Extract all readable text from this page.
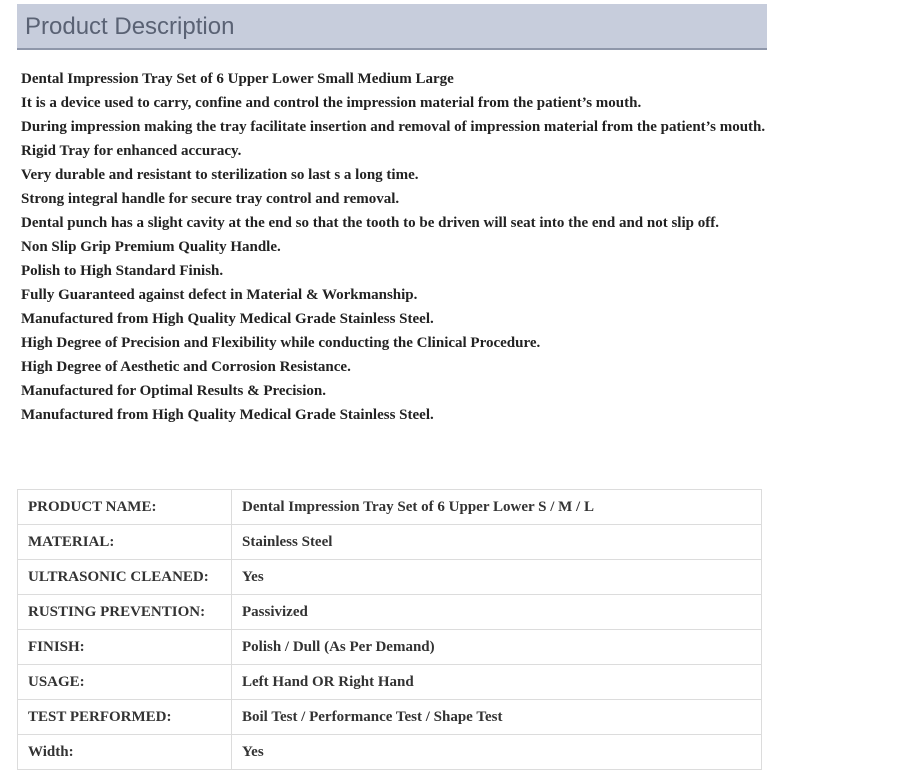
Product Description
Dental Impression Tray Set of 6 Upper Lower Small Medium Large
It is a device used to carry, confine and control the impression material from the patient’s mouth.
During impression making the tray facilitate insertion and removal of impression material from the patient’s mouth.
Rigid Tray for enhanced accuracy.
Very durable and resistant to sterilization so last s a long time.
Strong integral handle for secure tray control and removal.
Dental punch has a slight cavity at the end so that the tooth to be driven will seat into the end and not slip off.
Non Slip Grip Premium Quality Handle.
Polish to High Standard Finish.
Fully Guaranteed against defect in Material & Workmanship.
Manufactured from High Quality Medical Grade Stainless Steel.
High Degree of Precision and Flexibility while conducting the Clinical Procedure.
High Degree of Aesthetic and Corrosion Resistance.
Manufactured for Optimal Results & Precision.
Manufactured from High Quality Medical Grade Stainless Steel.
PRODUCT NAME:	Dental Impression Tray Set of 6 Upper Lower S / M / L
MATERIAL:	Stainless Steel
ULTRASONIC CLEANED:	Yes
RUSTING PREVENTION:	Passivized
FINISH:	Polish / Dull (As Per Demand)
USAGE:	Left Hand OR Right Hand
TEST PERFORMED:	Boil Test / Performance Test / Shape Test
Width:	Yes
